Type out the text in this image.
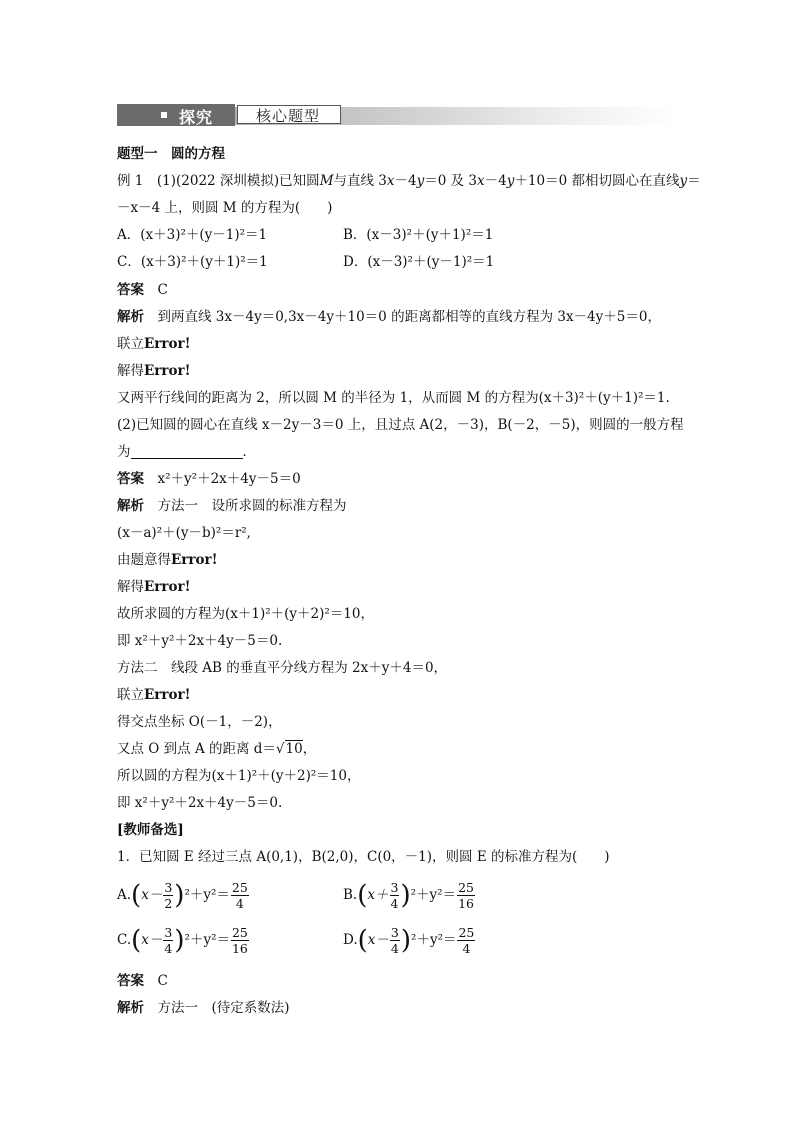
探究	核心题型
题型一　圆的方程
例 1　(1)(2022 深圳模拟)已知圆M与直线 3x－4y＝0 及 3x－4y＋10＝0 都相切圆心在直线y＝
－x－4 上，则圆 M 的方程为(　　)
A．(x＋3)²＋(y－1)²＝1	B．(x－3)²＋(y＋1)²＝1
C．(x＋3)²＋(y＋1)²＝1	D．(x－3)²＋(y－1)²＝1
答案　 C
解析　 到两直线 3x－4y＝0,3x－4y＋10＝0 的距离都相等的直线方程为 3x－4y＋5＝0，
联立Error!
解得Error!
又两平行线间的距离为 2，所以圆 M 的半径为 1，从而圆 M 的方程为(x＋3)²＋(y＋1)²＝1.
(2)已知圆的圆心在直线 x－2y－3＝0 上，且过点 A(2，－3)，B(－2，－5)，则圆的一般方程
为	．
答案　 x²＋y²＋2x＋4y－5＝0
解析　 方法一　设所求圆的标准方程为
(x－a)²＋(y－b)²＝r²,
由题意得Error!
解得Error!
故所求圆的方程为(x＋1)²＋(y＋2)²＝10，
即 x²＋y²＋2x＋4y－5＝0.
方法二　线段 AB 的垂直平分线方程为 2x＋y＋4＝0，
联立Error!
得交点坐标 O(－1，－2)，
又点 O 到点 A 的距离 d＝√10，
所以圆的方程为(x＋1)²＋(y＋2)²＝10，
即 x²＋y²＋2x＋4y－5＝0.
[教师备选]
1．已知圆 E 经过三点 A(0,1)，B(2,0)，C(0，－1)，则圆 E 的标准方程为(　　)
$A.(x- \frac{3}{2} )^2+y^2= \frac{25}{4}$	$B.(x+ \frac{3}{4} )^2+y^2= \frac{25}{16}$
$C.(x- \frac{3}{4} )^2+y^2= \frac{25}{16}$	$D.(x- \frac{3}{4} )^2+y^2= \frac{25}{4}$
答案　 C
解析　 方法一　(待定系数法)
